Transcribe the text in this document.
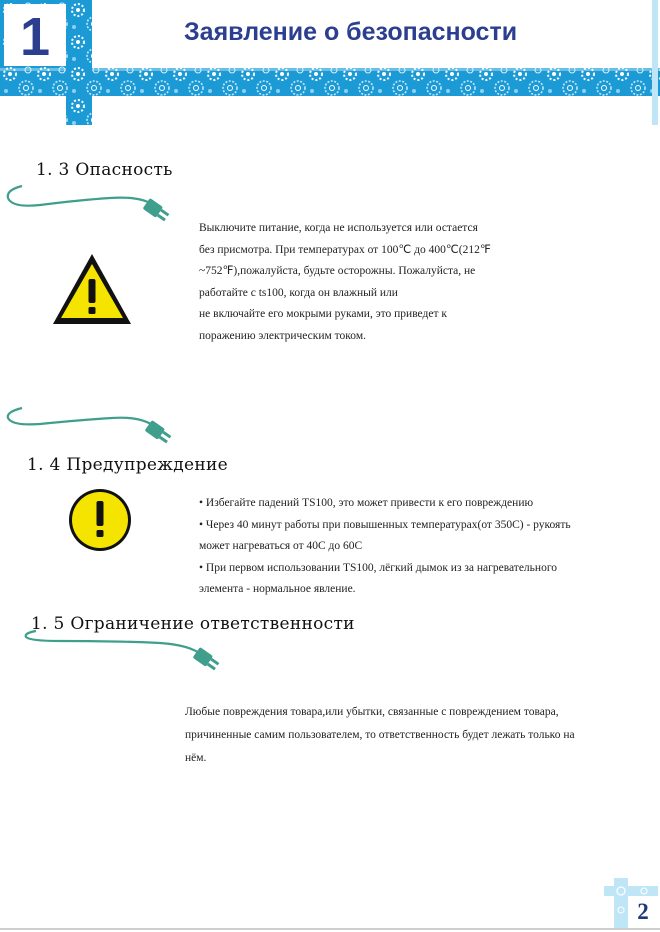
1	Заявление о безопасности
1. 3 Опасность

Выключите питание, когда не используется или остается

без присмотра. При температурах от 100℃ до 400℃(212℉

~752℉),пожалуйста, будьте осторожны. Пожалуйста, не

работайте с ts100, когда он влажный или

не включайте его мокрыми руками, это приведет к

поражению электрическим током.

1. 4 Предупреждение

• Избегайте падений TS100, это может привести к его повреждению

• Через 40 минут работы при повышенных температурах(от 350С) - рукоять

может нагреваться от 40С до 60С

• При первом использовании TS100, лёгкий дымок из за нагревательного

элемента - нормальное явление.

1. 5 Ограничение ответственности

Любые повреждения товара,или убытки, связанные с повреждением товара,

причиненные самим пользователем, то ответственность будет лежать только на

нём.

2
